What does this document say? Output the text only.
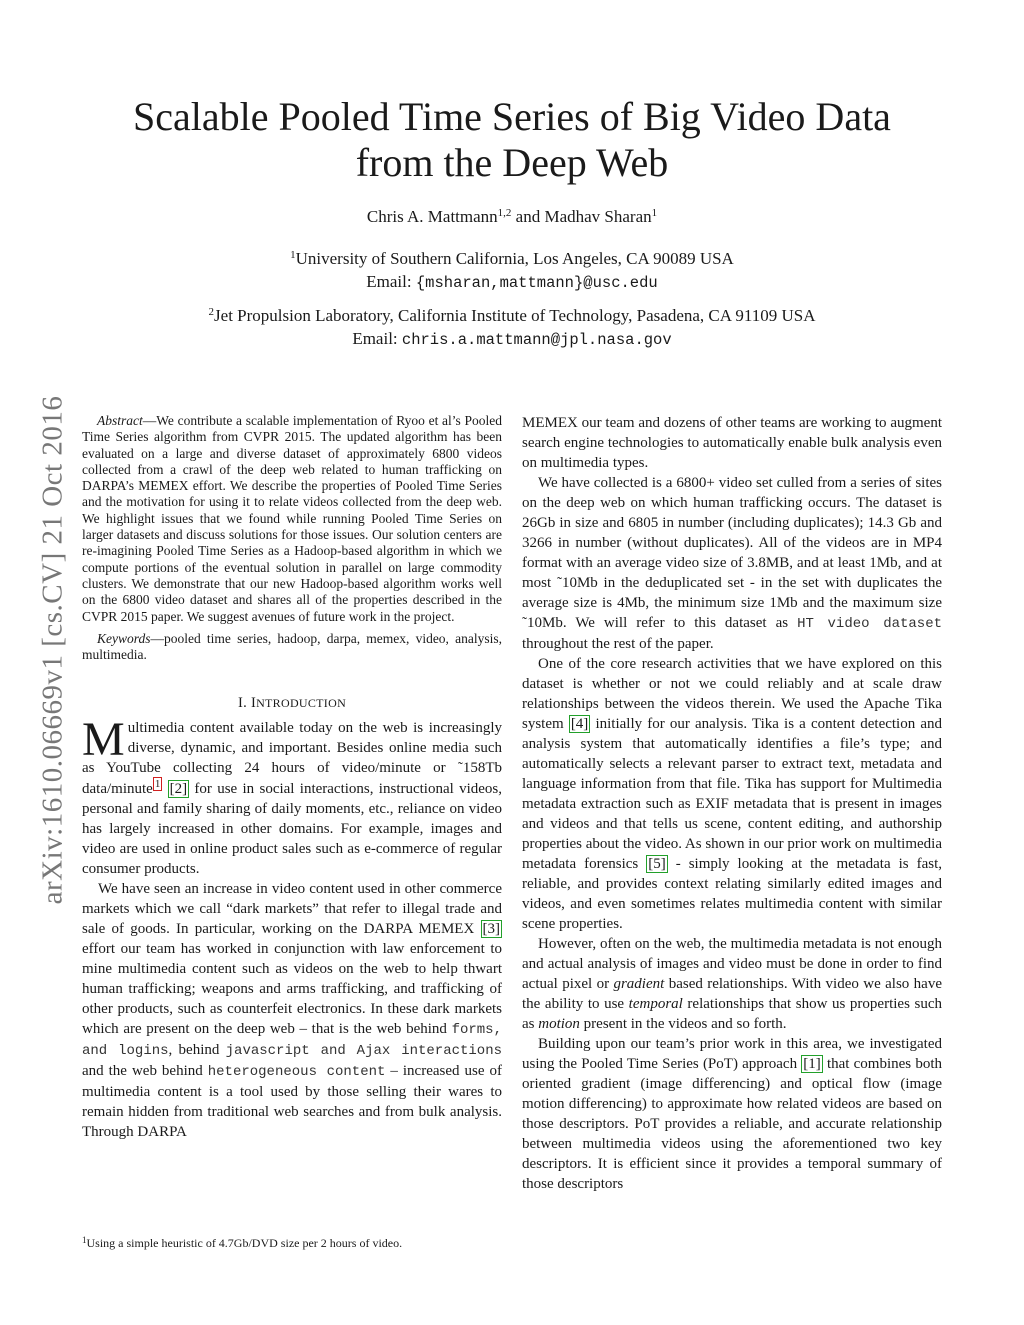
Scalable Pooled Time Series of Big Video Data
from the Deep Web
Chris A. Mattmann$^{1,2}$ and Madhav Sharan$^1$
$^1$University of Southern California, Los Angeles, CA 90089 USA
Email: {msharan,mattmann}@usc.edu
$^2$Jet Propulsion Laboratory, California Institute of Technology, Pasadena, CA 91109 USA
Email: chris.a.mattmann@jpl.nasa.gov
arXiv:1610.06669v1 [cs.CV] 21 Oct 2016	Abstract—We contribute a scalable implementation of Ryoo et al’s Pooled Time Series algorithm from CVPR 2015. The updated algorithm has been evaluated on a large and diverse dataset of approximately 6800 videos collected from a crawl of the deep web related to human trafficking on DARPA’s MEMEX effort. We describe the properties of Pooled Time Series and the motivation for using it to relate videos collected from the deep web. We highlight issues that we found while running Pooled Time Series on larger datasets and discuss solutions for those issues. Our solution centers are re-imagining Pooled Time Series as a Hadoop-based algorithm in which we compute portions of the eventual solution in parallel on large commodity clusters. We demonstrate that our new Hadoop-based algorithm works well on the 6800 video dataset and shares all of the properties described in the CVPR 2015 paper. We suggest avenues of future work in the project.

Keywords—pooled time series, hadoop, darpa, memex, video, analysis, multimedia.

I. INTRODUCTION

Multimedia content available today on the web is increasingly diverse, dynamic, and important. Besides online media such as YouTube collecting 24 hours of video/minute or ˜158Tb data/minute $^1$ [2] for use in social interactions, instructional videos, personal and family sharing of daily moments, etc., reliance on video has largely increased in other domains. For example, images and video are used in online product sales such as e-commerce of regular consumer products.

We have seen an increase in video content used in other commerce markets which we call “dark markets” that refer to illegal trade and sale of goods. In particular, working on the DARPA MEMEX [3] effort our team has worked in conjunction with law enforcement to mine multimedia content such as videos on the web to help thwart human trafficking; weapons and arms trafficking, and trafficking of other products, such as counterfeit electronics. In these dark markets which are present on the deep web – that is the web behind forms, and logins, behind javascript and Ajax interactions and the web behind heterogeneous content – increased use of multimedia content is a tool used by those selling their wares to remain hidden from traditional web searches and from bulk analysis. Through DARPA

$^1$Using a simple heuristic of 4.7Gb/DVD size per 2 hours of video.

MEMEX our team and dozens of other teams are working to augment search engine technologies to automatically enable bulk analysis even on multimedia types.

We have collected is a 6800+ video set culled from a series of sites on the deep web on which human trafficking occurs. The dataset is 26Gb in size and 6805 in number (including duplicates); 14.3 Gb and 3266 in number (without duplicates). All of the videos are in MP4 format with an average video size of 3.8MB, and at least 1Mb, and at most ˜10Mb in the deduplicated set - in the set with duplicates the average size is 4Mb, the minimum size 1Mb and the maximum size ˜10Mb. We will refer to this dataset as HT video dataset throughout the rest of the paper.

One of the core research activities that we have explored on this dataset is whether or not we could reliably and at scale draw relationships between the videos therein. We used the Apache Tika system [4] initially for our analysis. Tika is a content detection and analysis system that automatically identifies a file’s type; and automatically selects a relevant parser to extract text, metadata and language information from that file. Tika has support for Multimedia metadata extraction such as EXIF metadata that is present in images and videos and that tells us scene, content editing, and authorship properties about the video. As shown in our prior work on multimedia metadata forensics [5] - simply looking at the metadata is fast, reliable, and provides context relating similarly edited images and videos, and even sometimes relates multimedia content with similar scene properties.

However, often on the web, the multimedia metadata is not enough and actual analysis of images and video must be done in order to find actual pixel or gradient based relationships. With video we also have the ability to use temporal relationships that show us properties such as motion present in the videos and so forth.

Building upon our team’s prior work in this area, we investigated using the Pooled Time Series (PoT) approach [1] that combines both oriented gradient (image differencing) and optical flow (image motion differencing) to approximate how related videos are based on those descriptors. PoT provides a reliable, and accurate relationship between multimedia videos using the aforementioned two key descriptors. It is efficient since it provides a temporal summary of those descriptors
